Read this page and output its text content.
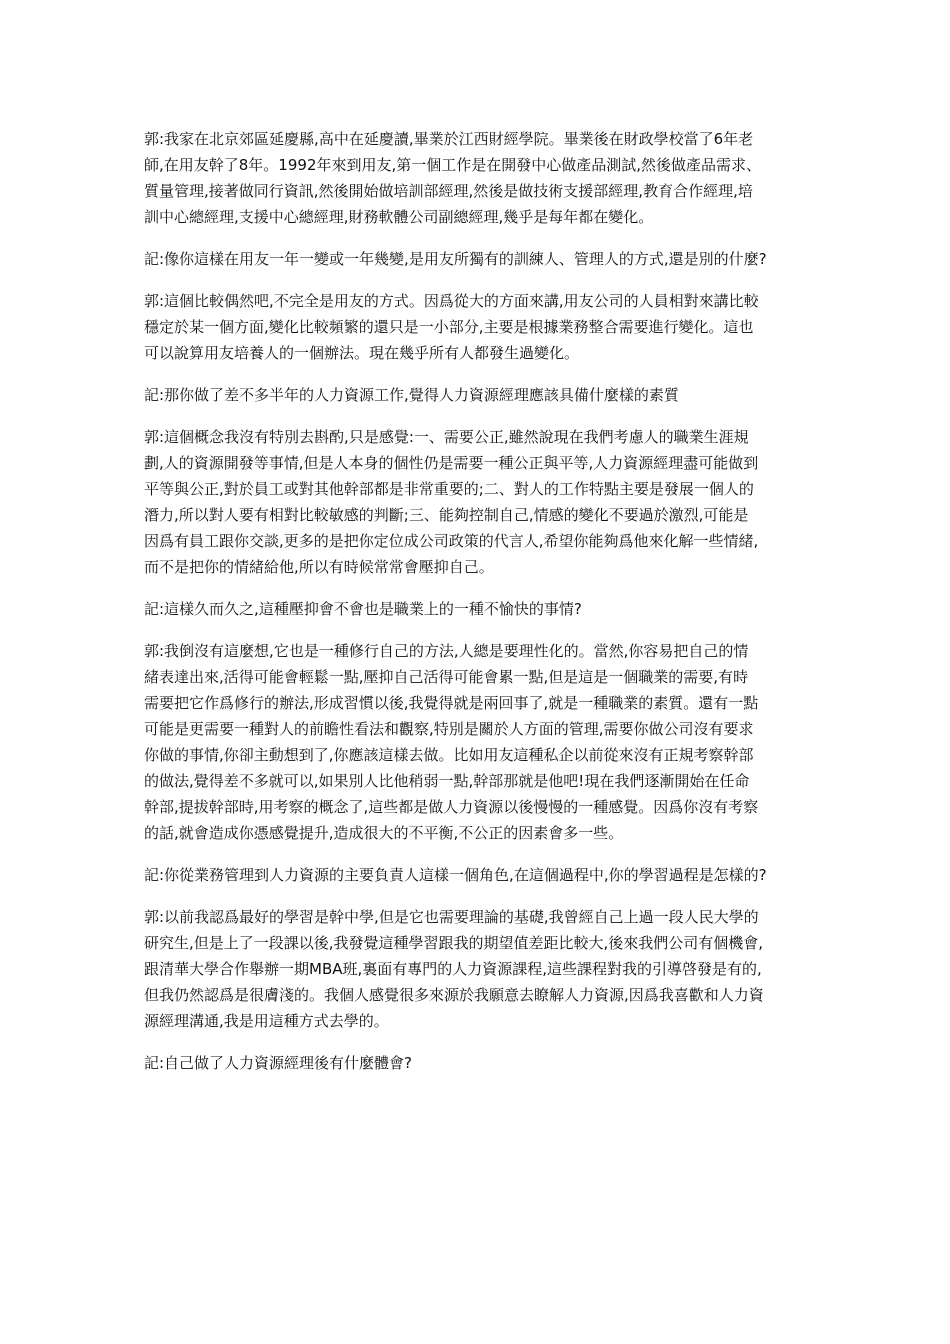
郭:我家在北京郊區延慶縣,高中在延慶讀,畢業於江西財經學院。畢業後在財政學校當了6年老
師,在用友幹了8年。1992年來到用友,第一個工作是在開發中心做產品測試,然後做產品需求、
質量管理,接著做同行資訊,然後開始做培訓部經理,然後是做技術支援部經理,教育合作經理,培
訓中心總經理,支援中心總經理,財務軟體公司副總經理,幾乎是每年都在變化。

記:像你這樣在用友一年一變或一年幾變,是用友所獨有的訓練人、管理人的方式,還是別的什麼?

郭:這個比較偶然吧,不完全是用友的方式。因爲從大的方面來講,用友公司的人員相對來講比較
穩定於某一個方面,變化比較頻繁的還只是一小部分,主要是根據業務整合需要進行變化。這也
可以說算用友培養人的一個辦法。現在幾乎所有人都發生過變化。

記:那你做了差不多半年的人力資源工作,覺得人力資源經理應該具備什麼樣的素質

郭:這個概念我沒有特別去斟酌,只是感覺:一、需要公正,雖然說現在我們考慮人的職業生涯規
劃,人的資源開發等事情,但是人本身的個性仍是需要一種公正與平等,人力資源經理盡可能做到
平等與公正,對於員工或對其他幹部都是非常重要的;二、對人的工作特點主要是發展一個人的
潛力,所以對人要有相對比較敏感的判斷;三、能夠控制自己,情感的變化不要過於激烈,可能是
因爲有員工跟你交談,更多的是把你定位成公司政策的代言人,希望你能夠爲他來化解一些情緒,
而不是把你的情緒給他,所以有時候常常會壓抑自己。

記:這樣久而久之,這種壓抑會不會也是職業上的一種不愉快的事情?

郭:我倒沒有這麼想,它也是一種修行自己的方法,人總是要理性化的。當然,你容易把自己的情
緒表達出來,活得可能會輕鬆一點,壓抑自己活得可能會累一點,但是這是一個職業的需要,有時
需要把它作爲修行的辦法,形成習慣以後,我覺得就是兩回事了,就是一種職業的素質。還有一點
可能是更需要一種對人的前瞻性看法和觀察,特別是關於人方面的管理,需要你做公司沒有要求
你做的事情,你卻主動想到了,你應該這樣去做。比如用友這種私企以前從來沒有正規考察幹部
的做法,覺得差不多就可以,如果別人比他稍弱一點,幹部那就是他吧!現在我們逐漸開始在任命
幹部,提拔幹部時,用考察的概念了,這些都是做人力資源以後慢慢的一種感覺。因爲你沒有考察
的話,就會造成你憑感覺提升,造成很大的不平衡,不公正的因素會多一些。

記:你從業務管理到人力資源的主要負責人這樣一個角色,在這個過程中,你的學習過程是怎樣的?

郭:以前我認爲最好的學習是幹中學,但是它也需要理論的基礎,我曾經自己上過一段人民大學的
研究生,但是上了一段課以後,我發覺這種學習跟我的期望值差距比較大,後來我們公司有個機會,
跟清華大學合作舉辦一期MBA班,裏面有專門的人力資源課程,這些課程對我的引導啓發是有的,
但我仍然認爲是很膚淺的。我個人感覺很多來源於我願意去瞭解人力資源,因爲我喜歡和人力資
源經理溝通,我是用這種方式去學的。

記:自己做了人力資源經理後有什麼體會?
